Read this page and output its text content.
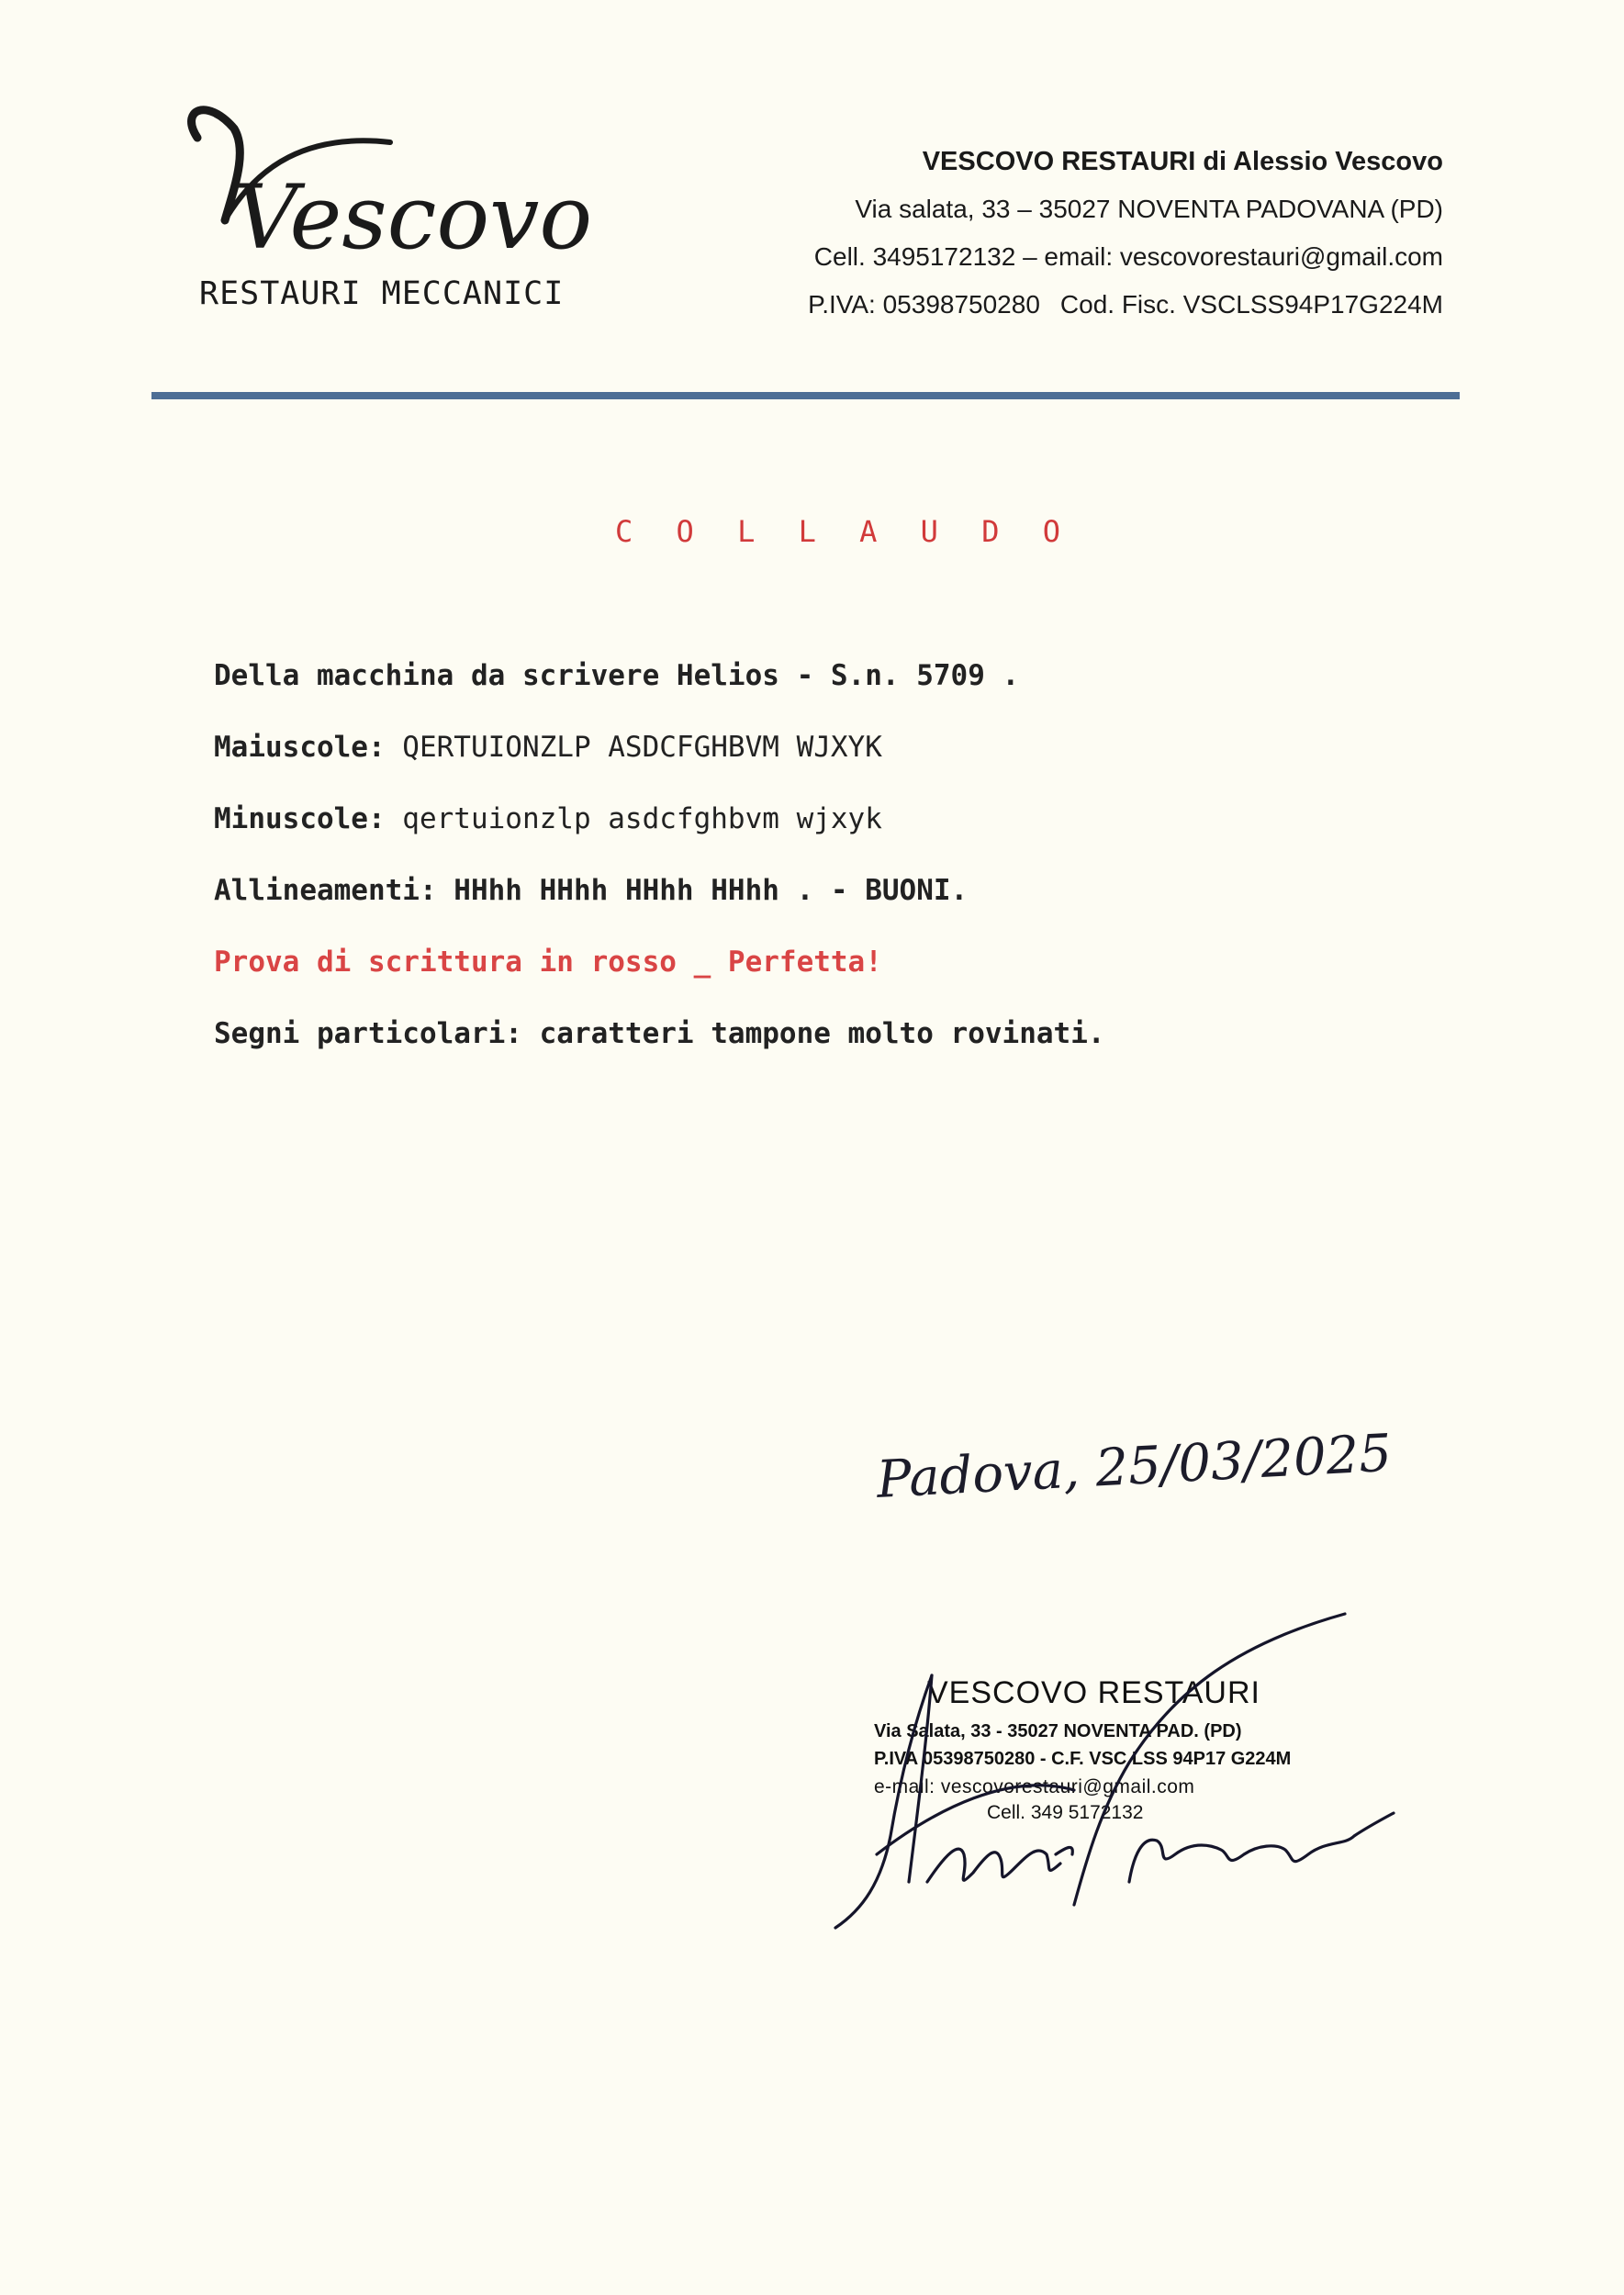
Vescovo
RESTAURI MECCANICI
VESCOVO RESTAURI di Alessio Vescovo
Via salata, 33 – 35027 NOVENTA PADOVANA (PD)
Cell. 3495172132 – email: vescovorestauri@gmail.com
P.IVA: 05398750280 Cod. Fisc. VSCLSS94P17G224M
C O L L A U D O
Della macchina da scrivere Helios - S.n. 5709 .
Maiuscole: QERTUIONZLP ASDCFGHBVM WJXYK
Minuscole: qertuionzlp asdcfghbvm wjxyk
Allineamenti: HHhh HHhh HHhh HHhh . - BUONI.
Prova di scrittura in rosso _ Perfetta!
Segni particolari: caratteri tampone molto rovinati.
Padova, 25/03/2025
VESCOVO RESTAURI
Via Salata, 33 - 35027 NOVENTA PAD. (PD)
P.IVA 05398750280 - C.F. VSC LSS 94P17 G224M
e-mail: vescovorestauri@gmail.com
Cell. 349 5172132
